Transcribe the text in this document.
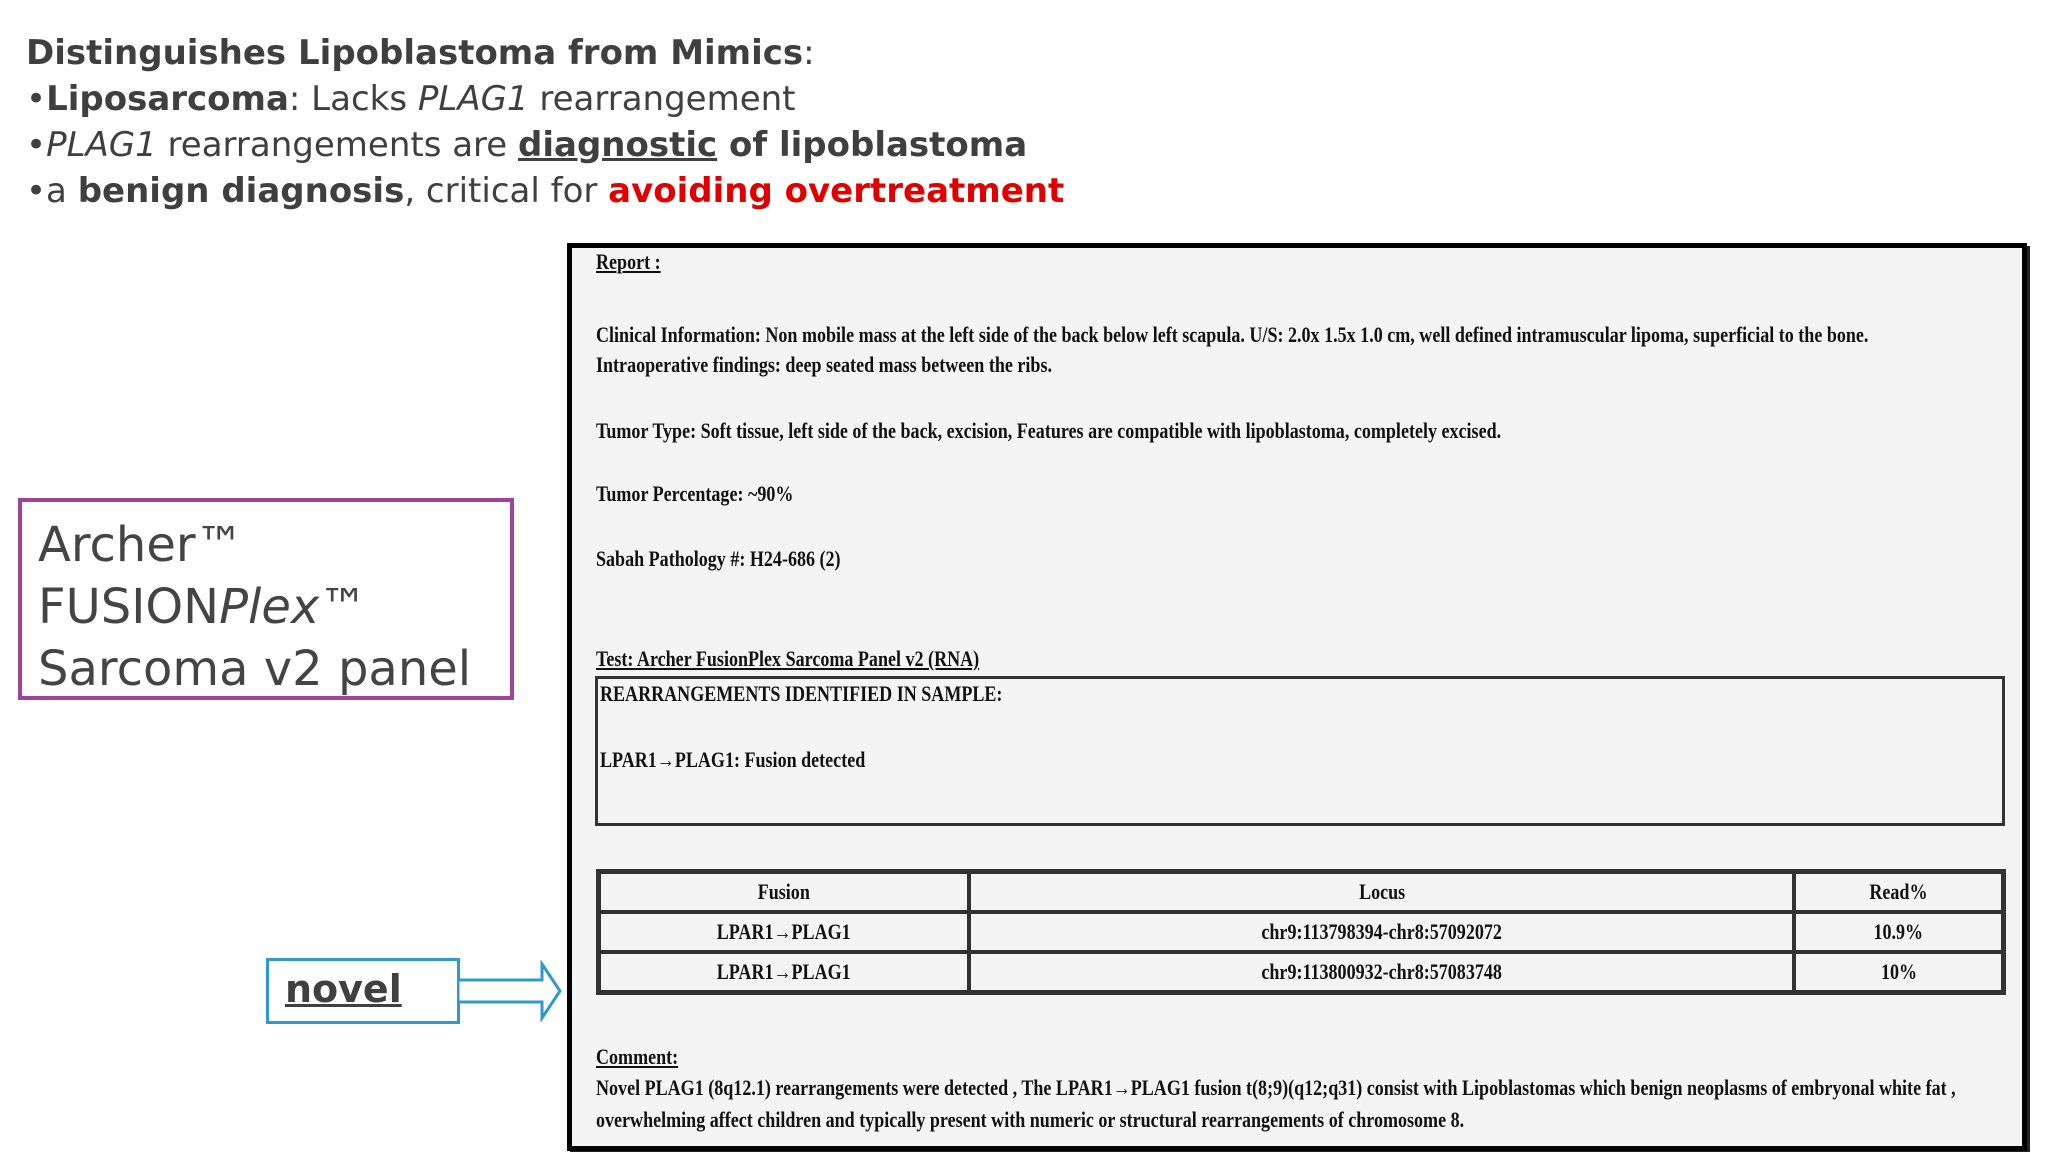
Distinguishes Lipoblastoma from Mimics:
•Liposarcoma: Lacks PLAG1 rearrangement
•PLAG1 rearrangements are diagnostic of lipoblastoma
•a benign diagnosis, critical for avoiding overtreatment
Archer™
FUSIONPlex™
Sarcoma v2 panel
novel
Report :
Clinical Information: Non mobile mass at the left side of the back below left scapula. U/S: 2.0x 1.5x 1.0 cm, well defined intramuscular lipoma, superficial to the bone. Intraoperative findings: deep seated mass between the ribs.
Tumor Type: Soft tissue, left side of the back, excision, Features are compatible with lipoblastoma, completely excised.
Tumor Percentage: ~90%
Sabah Pathology #: H24-686 (2)
Test: Archer FusionPlex Sarcoma Panel v2 (RNA)
REARRANGEMENTS IDENTIFIED IN SAMPLE:
LPAR1→PLAG1: Fusion detected
Fusion	Locus	Read%
LPAR1→PLAG1	chr9:113798394-chr8:57092072	10.9%
LPAR1→PLAG1	chr9:113800932-chr8:57083748	10%
Comment:
Novel PLAG1 (8q12.1) rearrangements were detected , The LPAR1→PLAG1 fusion t(8;9)(q12;q31) consist with Lipoblastomas which benign neoplasms of embryonal white fat , overwhelming affect children and typically present with numeric or structural rearrangements of chromosome 8.
